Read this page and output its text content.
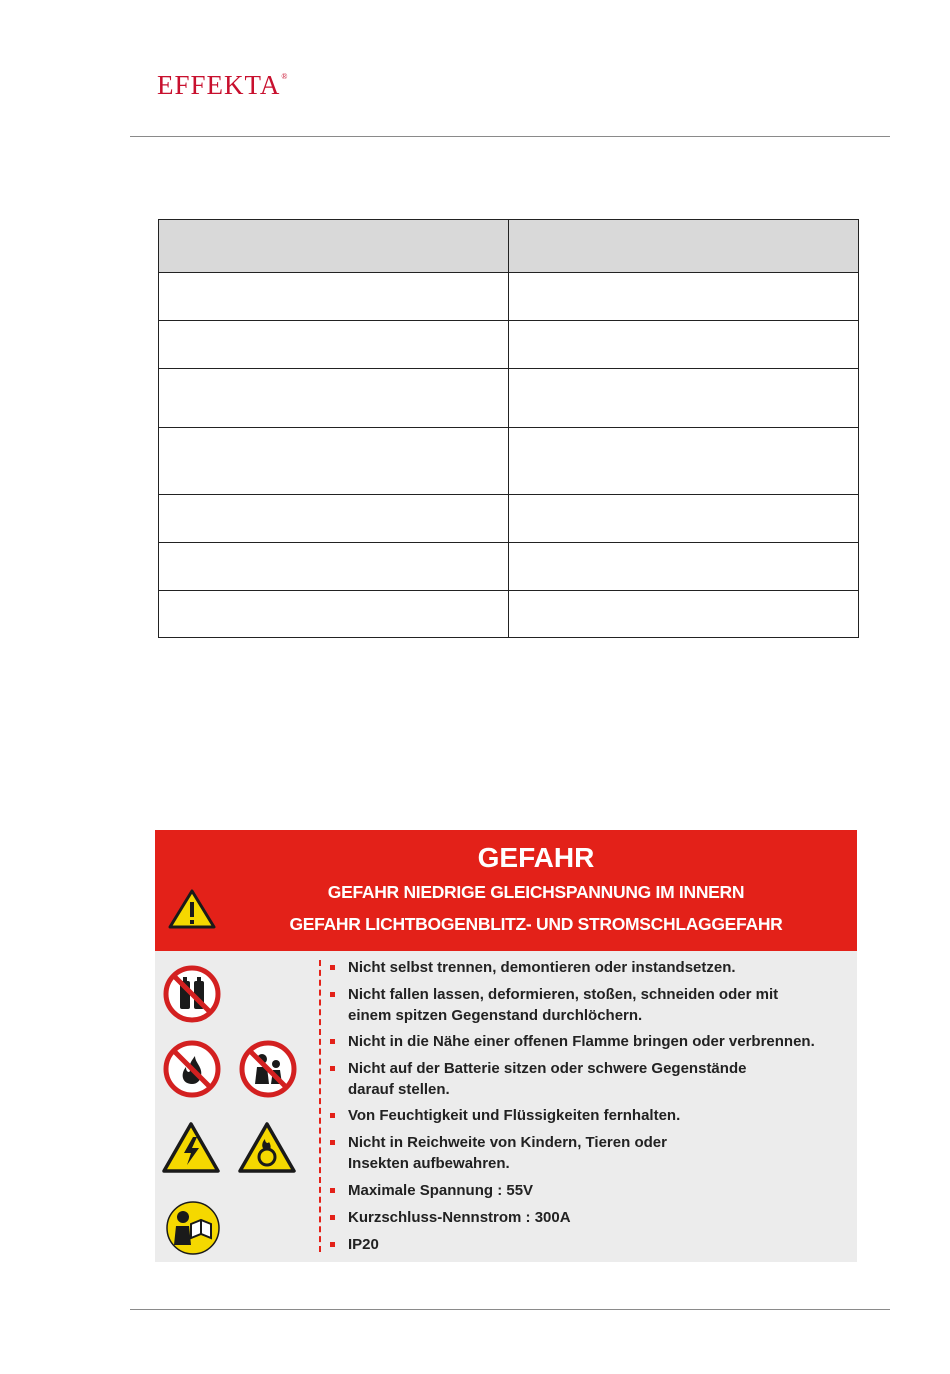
EFFEKTA®

GEFAHR
GEFAHR NIEDRIGE GLEICHSPANNUNG IM INNERN
GEFAHR LICHTBOGENBLITZ- UND STROMSCHLAGGEFAHR
Nicht selbst trennen, demontieren oder instandsetzen.
Nicht fallen lassen, deformieren, stoßen, schneiden oder mit
einem spitzen Gegenstand durchlöchern.
Nicht in die Nähe einer offenen Flamme bringen oder verbrennen.
Nicht auf der Batterie sitzen oder schwere Gegenstände
darauf stellen.
Von Feuchtigkeit und Flüssigkeiten fernhalten.
Nicht in Reichweite von Kindern, Tieren oder
Insekten aufbewahren.
Maximale Spannung : 55V
Kurzschluss-Nennstrom : 300A
IP20
